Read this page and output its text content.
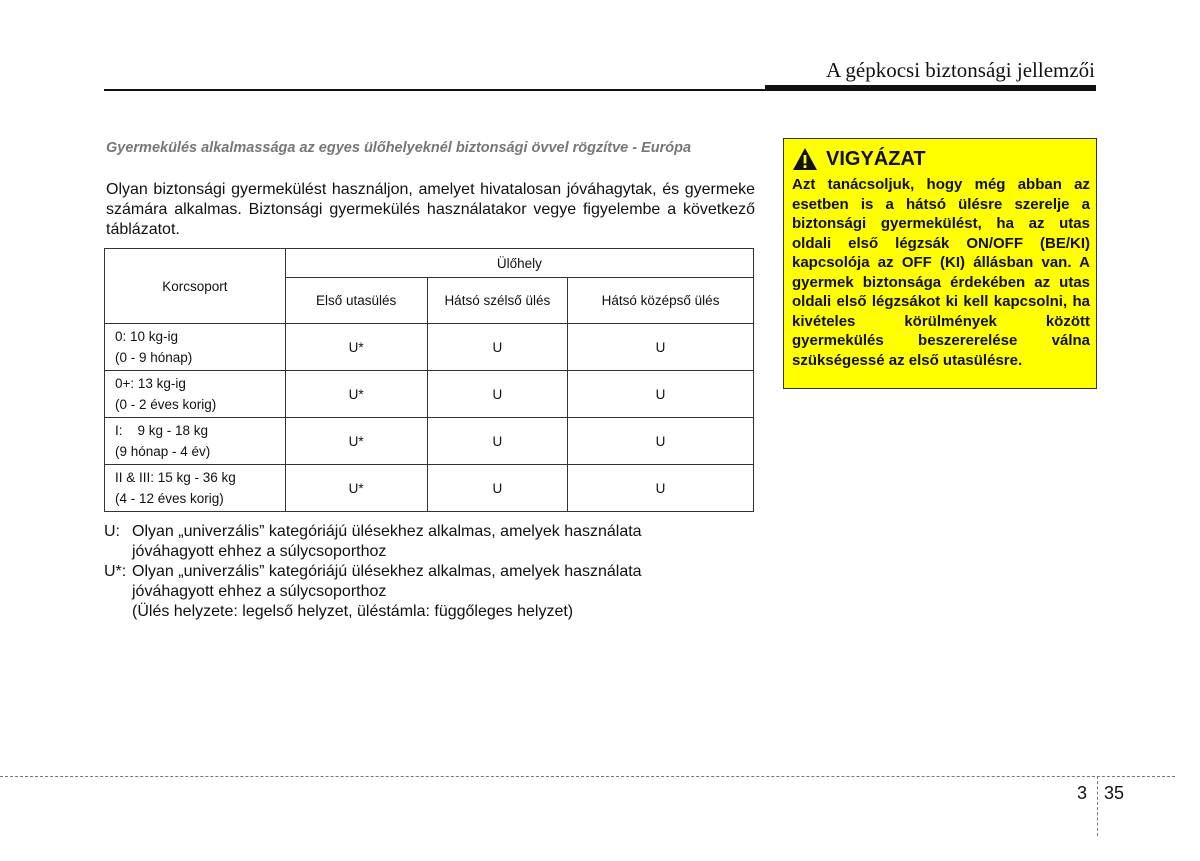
A gépkocsi biztonsági jellemzői
Gyermekülés alkalmassága az egyes ülőhelyeknél biztonsági övvel rögzítve - Európa
Olyan biztonsági gyermekülést használjon, amelyet hivatalosan jóváhagytak, és gyermeke számára alkalmas. Biztonsági gyermekülés használatakor vegye figyelembe a következő táblázatot.
Korcsoport	Ülőhely		
	Első utasülés	Hátsó szélső ülés	Hátsó középső ülés

0: 10 kg-ig
(0 - 9 hónap)	U*	U	U

0+: 13 kg-ig
(0 - 2 éves korig)	U*	U	U

I:    9 kg - 18 kg
(9 hónap - 4 év)	U*	U	U

II & III: 15 kg - 36 kg
(4 - 12 éves korig)	U*	U	U
U: Olyan „univerzális” kategóriájú ülésekhez alkalmas, amelyek használata jóváhagyott ehhez a súlycsoporthoz
U*: Olyan „univerzális” kategóriájú ülésekhez alkalmas, amelyek használata jóváhagyott ehhez a súlycsoporthoz
(Ülés helyzete: legelső helyzet, üléstámla: függőleges helyzet)
VIGYÁZAT
Azt tanácsoljuk, hogy még abban az esetben is a hátsó ülésre szerelje a biztonsági gyermekülést, ha az utas oldali első légzsák ON/OFF (BE/KI) kapcsolója az OFF (KI) állásban van. A gyermek biztonsága érdekében az utas oldali első légzsákot ki kell kapcsolni, ha kivételes körülmények között gyermekülés beszererelése válna szükségessé az első utasülésre.
3 35
